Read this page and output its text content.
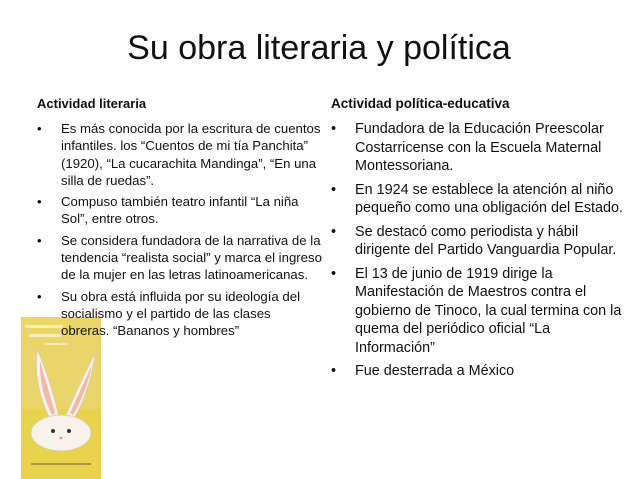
Su obra literaria y política
Actividad literaria
• Es más conocida por la escritura de cuentos infantiles. los “Cuentos de mi tía Panchita” (1920), “La cucarachita Mandinga”, “En una silla de ruedas”.
• Compuso también teatro infantil “La niña Sol”, entre otros.
• Se considera fundadora de la narrativa de la tendencia “realista social” y marca el ingreso de la mujer en las letras latinoamericanas.
• Su obra está influida por su ideología del socialismo y el partido de las clases obreras. “Bananos y hombres”
Actividad política-educativa
• Fundadora de la Educación Preescolar Costarricense con la Escuela Maternal Montessoriana.
• En 1924 se establece la atención al niño pequeño como una obligación del Estado.
• Se destacó como periodista y hábil dirigente del Partido Vanguardia Popular.
• El 13 de junio de 1919 dirige la Manifestación de Maestros contra el gobierno de Tinoco, la cual termina con la quema del periódico oficial “La Información”
• Fue desterrada a México
